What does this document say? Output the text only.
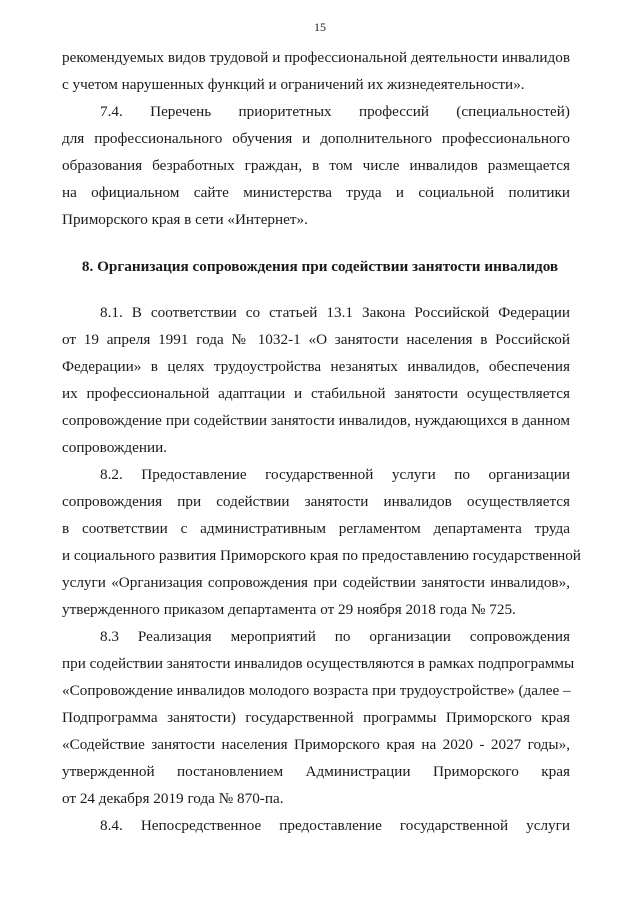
15
рекомендуемых видов трудовой и профессиональной деятельности инвалидов
с учетом нарушенных функций и ограничений их жизнедеятельности».
7.4. Перечень приоритетных профессий (специальностей)
для профессионального обучения и дополнительного профессионального
образования безработных граждан, в том числе инвалидов размещается
на официальном сайте министерства труда и социальной политики
Приморского края в сети «Интернет».
8. Организация сопровождения при содействии занятости инвалидов
8.1. В соответствии со статьей 13.1 Закона Российской Федерации
от 19 апреля 1991 года № 1032-1 «О занятости населения в Российской
Федерации» в целях трудоустройства незанятых инвалидов, обеспечения
их профессиональной адаптации и стабильной занятости осуществляется
сопровождение при содействии занятости инвалидов, нуждающихся в данном
сопровождении.
8.2. Предоставление государственной услуги по организации
сопровождения при содействии занятости инвалидов осуществляется
в соответствии с административным регламентом департамента труда
и социального развития Приморского края по предоставлению государственной
услуги «Организация сопровождения при содействии занятости инвалидов»,
утвержденного приказом департамента от 29 ноября 2018 года № 725.
8.3 Реализация мероприятий по организации сопровождения
при содействии занятости инвалидов осуществляются в рамках подпрограммы
«Сопровождение инвалидов молодого возраста при трудоустройстве» (далее –
Подпрограмма занятости) государственной программы Приморского края
«Содействие занятости населения Приморского края на 2020 - 2027 годы»,
утвержденной постановлением Администрации Приморского края
от 24 декабря 2019 года № 870-па.
8.4. Непосредственное предоставление государственной услуги
